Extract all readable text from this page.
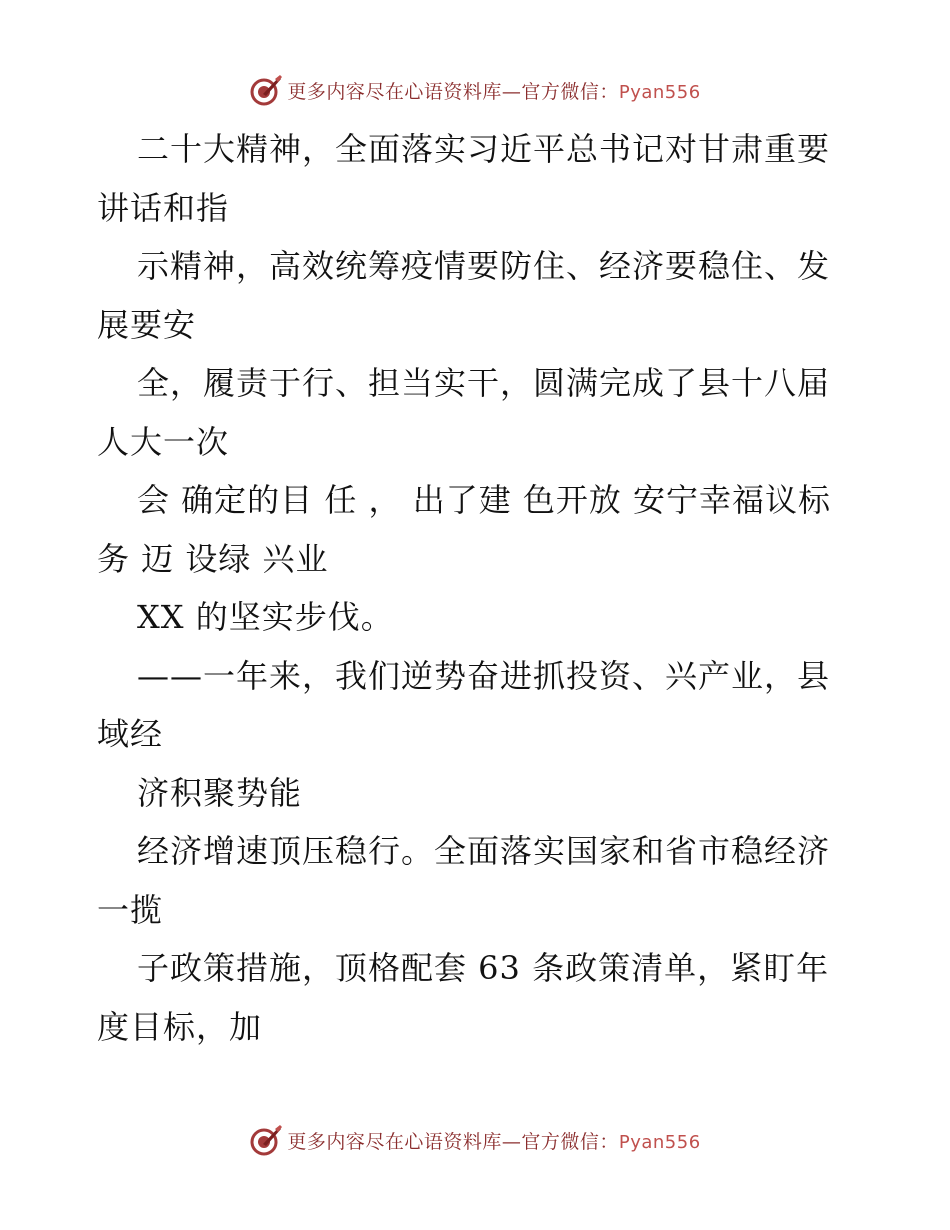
更多内容尽在心语资料库—官方微信：Pyan556

二十大精神，全面落实习近平总书记对甘肃重要讲话和指

示精神，高效统筹疫情要防住、经济要稳住、发展要安

全，履责于行、担当实干，圆满完成了县十八届人大一次

会 确定的目 任 ， 出了建 色开放 安宁幸福议标 务 迈 设绿 兴业

XX 的坚实步伐。

——一年来，我们逆势奋进抓投资、兴产业，县域经

济积聚势能

经济增速顶压稳行。全面落实国家和省市稳经济一揽

子政策措施，顶格配套 63 条政策清单，紧盯年度目标，加

更多内容尽在心语资料库—官方微信：Pyan556
